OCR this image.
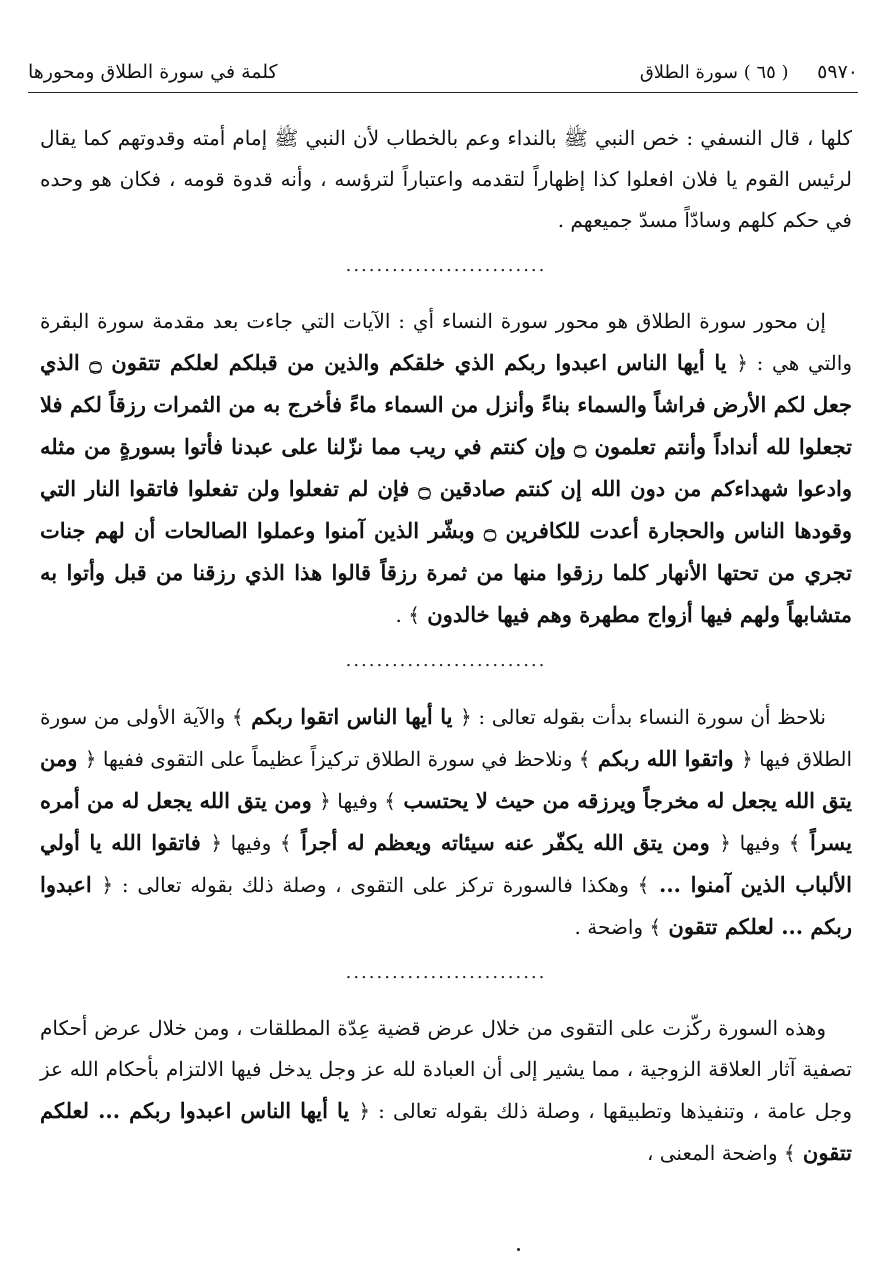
٥٩٧٠     ( ٦٥ ) سورة الطلاق
كلمة في سورة الطلاق ومحورها

كلها ، قال النسفي : خص النبي ﷺ بالنداء وعم بالخطاب لأن النبي ﷺ إمام أمته وقدوتهم كما يقال لرئيس القوم يا فلان افعلوا كذا إظهاراً لتقدمه واعتباراً لترؤسه ، وأنه قدوة قومه ، فكان هو وحده في حكم كلهم وسادّاً مسدّ جميعهم .

..........................

إن محور سورة الطلاق هو محور سورة النساء أي : الآيات التي جاءت بعد مقدمة سورة البقرة والتي هي : ﴿ يا أيها الناس اعبدوا ربكم الذي خلقكم والذين من قبلكم لعلكم تتقون ۝ الذي جعل لكم الأرض فراشاً والسماء بناءً وأنزل من السماء ماءً فأخرج به من الثمرات رزقاً لكم فلا تجعلوا لله أنداداً وأنتم تعلمون ۝ وإن كنتم في ريب مما نزّلنا على عبدنا فأتوا بسورةٍ من مثله وادعوا شهداءكم من دون الله إن كنتم صادقين ۝ فإن لم تفعلوا ولن تفعلوا فاتقوا النار التي وقودها الناس والحجارة أعدت للكافرين ۝ وبشّر الذين آمنوا وعملوا الصالحات أن لهم جنات تجري من تحتها الأنهار كلما رزقوا منها من ثمرة رزقاً قالوا هذا الذي رزقنا من قبل وأتوا به متشابهاً ولهم فيها أزواج مطهرة وهم فيها خالدون ﴾ .

..........................

نلاحظ أن سورة النساء بدأت بقوله تعالى : ﴿ يا أيها الناس اتقوا ربكم ﴾ والآية الأولى من سورة الطلاق فيها ﴿ واتقوا الله ربكم ﴾ ونلاحظ في سورة الطلاق تركيزاً عظيماً على التقوى ففيها ﴿ ومن يتق الله يجعل له مخرجاً ويرزقه من حيث لا يحتسب ﴾ وفيها ﴿ ومن يتق الله يجعل له من أمره يسراً ﴾ وفيها ﴿ ومن يتق الله يكفّر عنه سيئاته ويعظم له أجراً ﴾ وفيها ﴿ فاتقوا الله يا أولي الألباب الذين آمنوا ... ﴾ وهكذا فالسورة تركز على التقوى ، وصلة ذلك بقوله تعالى : ﴿ اعبدوا ربكم ... لعلكم تتقون ﴾ واضحة .

..........................

وهذه السورة ركّزت على التقوى من خلال عرض قضية عِدّة المطلقات ، ومن خلال عرض أحكام تصفية آثار العلاقة الزوجية ، مما يشير إلى أن العبادة لله عز وجل يدخل فيها الالتزام بأحكام الله عز وجل عامة ، وتنفيذها وتطبيقها ، وصلة ذلك بقوله تعالى : ﴿ يا أيها الناس اعبدوا ربكم ... لعلكم تتقون ﴾ واضحة المعنى ،
